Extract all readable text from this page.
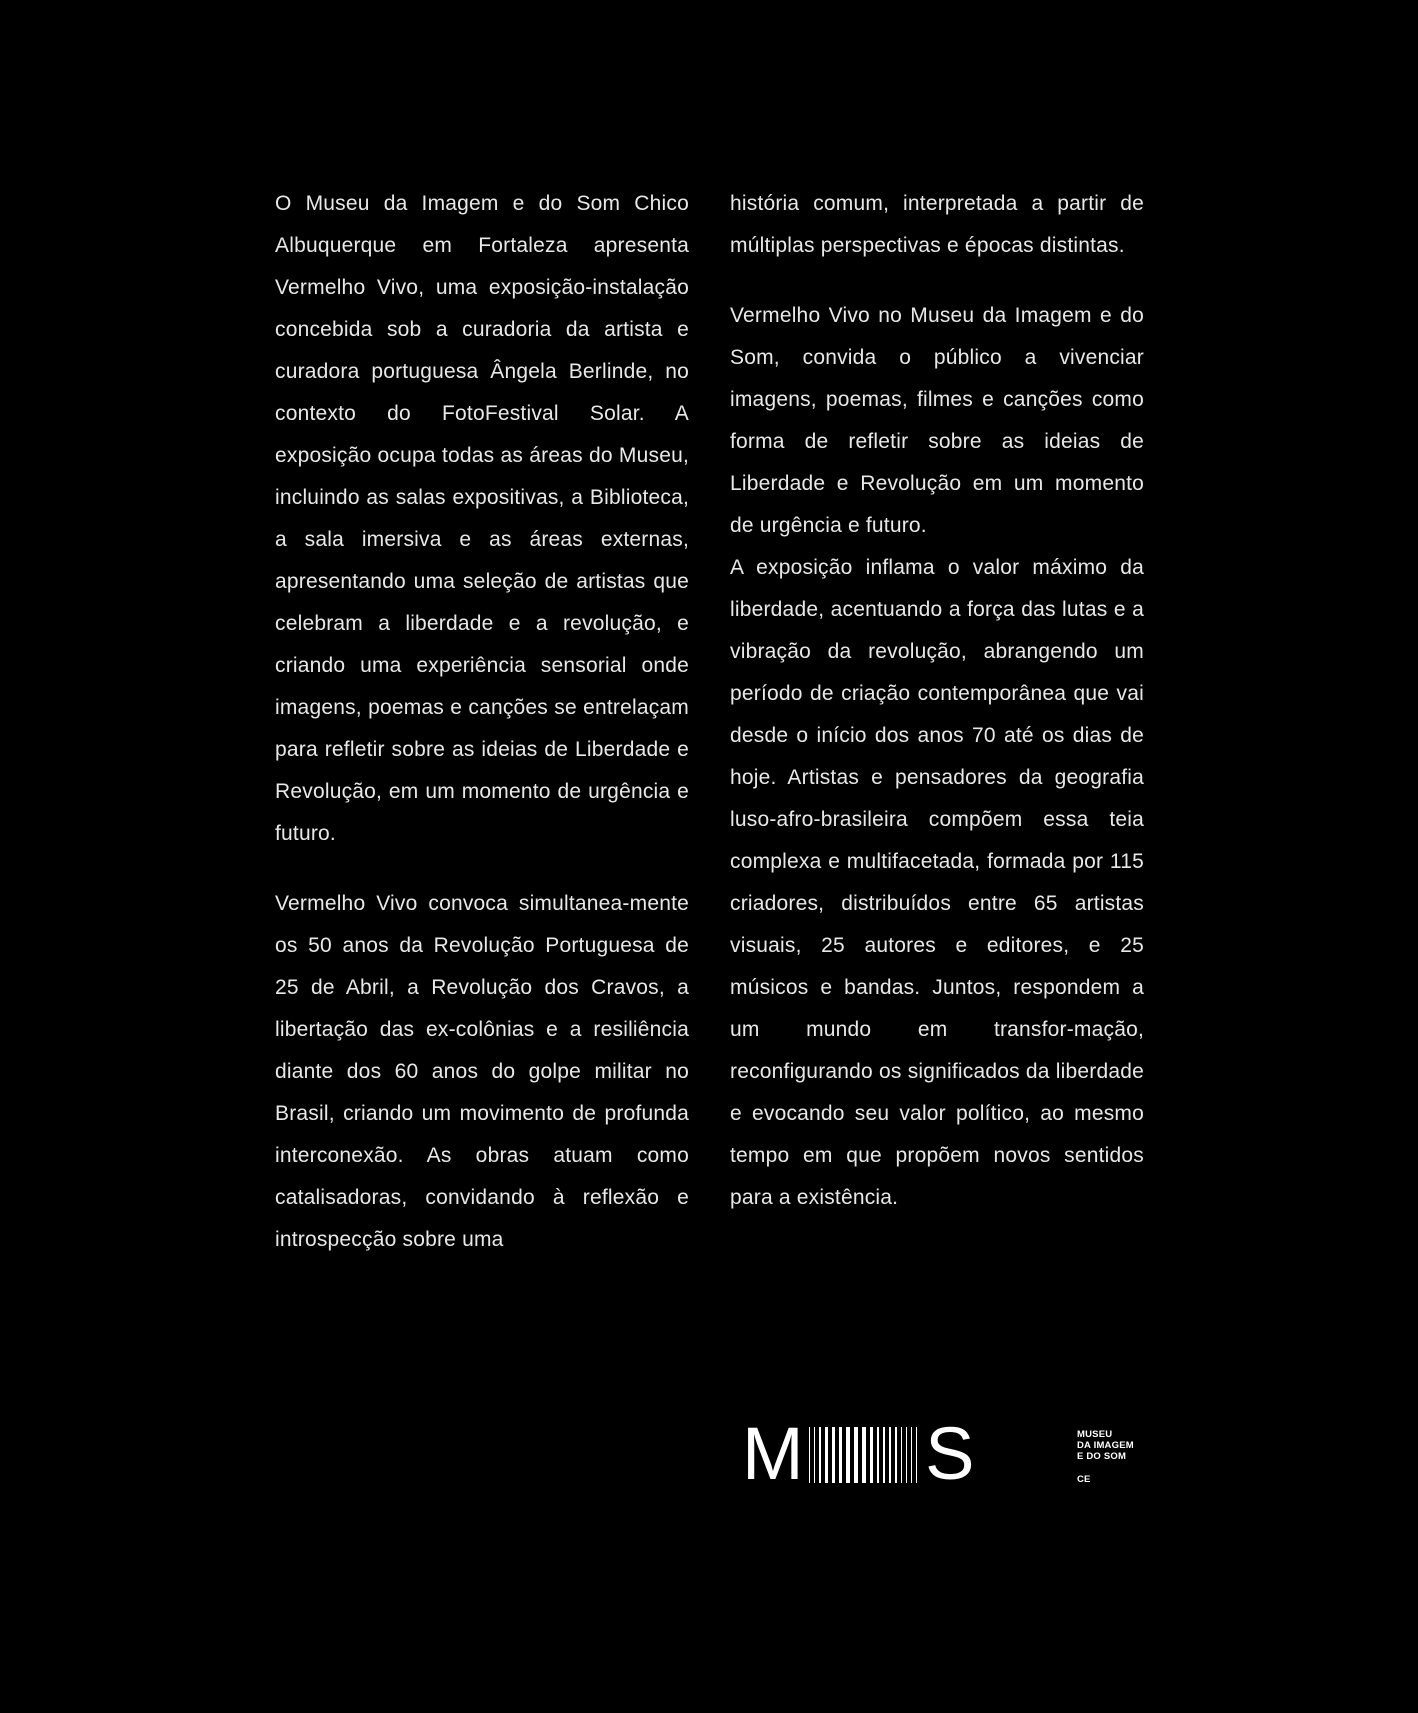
O Museu da Imagem e do Som Chico Albuquerque em Fortaleza apresenta Vermelho Vivo, uma exposição-instalação concebida sob a curadoria da artista e curadora portuguesa Ângela Berlinde, no contexto do FotoFestival Solar. A exposição ocupa todas as áreas do Museu, incluindo as salas expositivas, a Biblioteca, a sala imersiva e as áreas externas, apresentando uma seleção de artistas que celebram a liberdade e a revolução, e criando uma experiência sensorial onde imagens, poemas e canções se entrelaçam para refletir sobre as ideias de Liberdade e Revolução, em um momento de urgência e futuro.

Vermelho Vivo convoca simultanea-mente os 50 anos da Revolução Portuguesa de 25 de Abril, a Revolução dos Cravos, a libertação das ex-colônias e a resiliência diante dos 60 anos do golpe militar no Brasil, criando um movimento de profunda interconexão. As obras atuam como catalisadoras, convidando à reflexão e introspecção sobre uma

história comum, interpretada a partir de múltiplas perspectivas e épocas distintas.

Vermelho Vivo no Museu da Imagem e do Som, convida o público a vivenciar imagens, poemas, filmes e canções como forma de refletir sobre as ideias de Liberdade e Revolução em um momento de urgência e futuro.

A exposição inflama o valor máximo da liberdade, acentuando a força das lutas e a vibração da revolução, abrangendo um período de criação contemporânea que vai desde o início dos anos 70 até os dias de hoje. Artistas e pensadores da geografia luso-afro-brasileira compõem essa teia complexa e multifacetada, formada por 115 criadores, distribuídos entre 65 artistas visuais, 25 autores e editores, e 25 músicos e bandas. Juntos, respondem a um mundo em transfor-mação, reconfigurando os significados da liberdade e evocando seu valor político, ao mesmo tempo em que propõem novos sentidos para a existência.

M S	MUSEU
DA IMAGEM
E DO SOM
CE
